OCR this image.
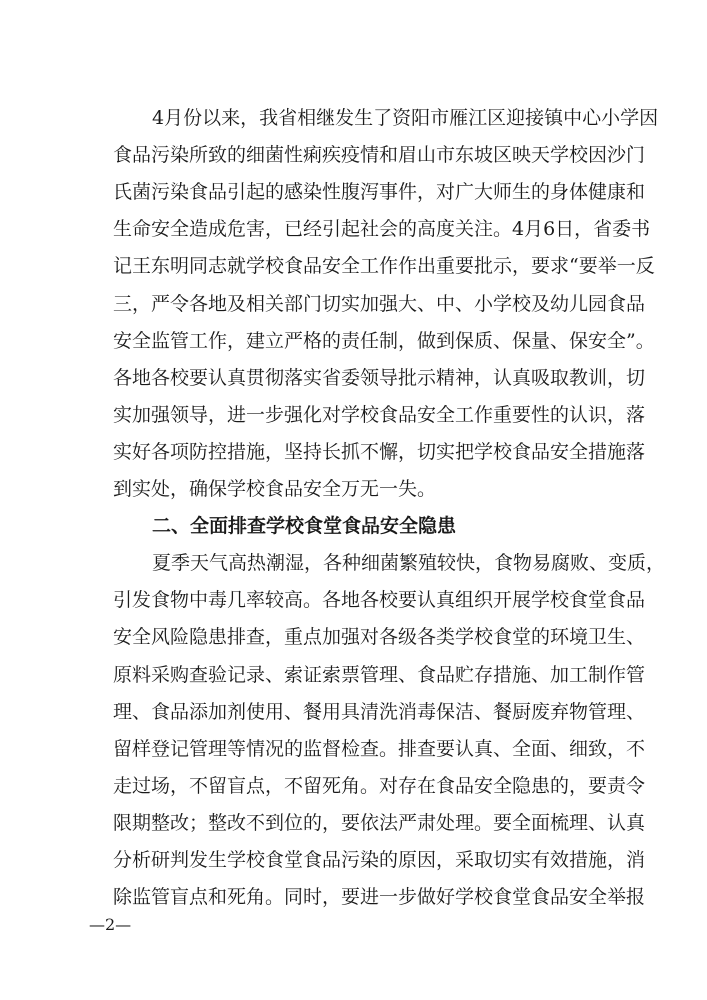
4月份以来，我省相继发生了资阳市雁江区迎接镇中心小学因
食品污染所致的细菌性痢疾疫情和眉山市东坡区映天学校因沙门
氏菌污染食品引起的感染性腹泻事件，对广大师生的身体健康和
生命安全造成危害，已经引起社会的高度关注。4月6日，省委书
记王东明同志就学校食品安全工作作出重要批示，要求“要举一反
三，严令各地及相关部门切实加强大、中、小学校及幼儿园食品
安全监管工作，建立严格的责任制，做到保质、保量、保安全”。
各地各校要认真贯彻落实省委领导批示精神，认真吸取教训，切
实加强领导，进一步强化对学校食品安全工作重要性的认识，落
实好各项防控措施，坚持长抓不懈，切实把学校食品安全措施落
到实处，确保学校食品安全万无一失。
二、全面排查学校食堂食品安全隐患
夏季天气高热潮湿，各种细菌繁殖较快，食物易腐败、变质，
引发食物中毒几率较高。各地各校要认真组织开展学校食堂食品
安全风险隐患排查，重点加强对各级各类学校食堂的环境卫生、
原料采购查验记录、索证索票管理、食品贮存措施、加工制作管
理、食品添加剂使用、餐用具清洗消毒保洁、餐厨废弃物管理、
留样登记管理等情况的监督检查。排查要认真、全面、细致，不
走过场，不留盲点，不留死角。对存在食品安全隐患的，要责令
限期整改；整改不到位的，要依法严肃处理。要全面梳理、认真
分析研判发生学校食堂食品污染的原因，采取切实有效措施，消
除监管盲点和死角。同时，要进一步做好学校食堂食品安全举报
—2—
